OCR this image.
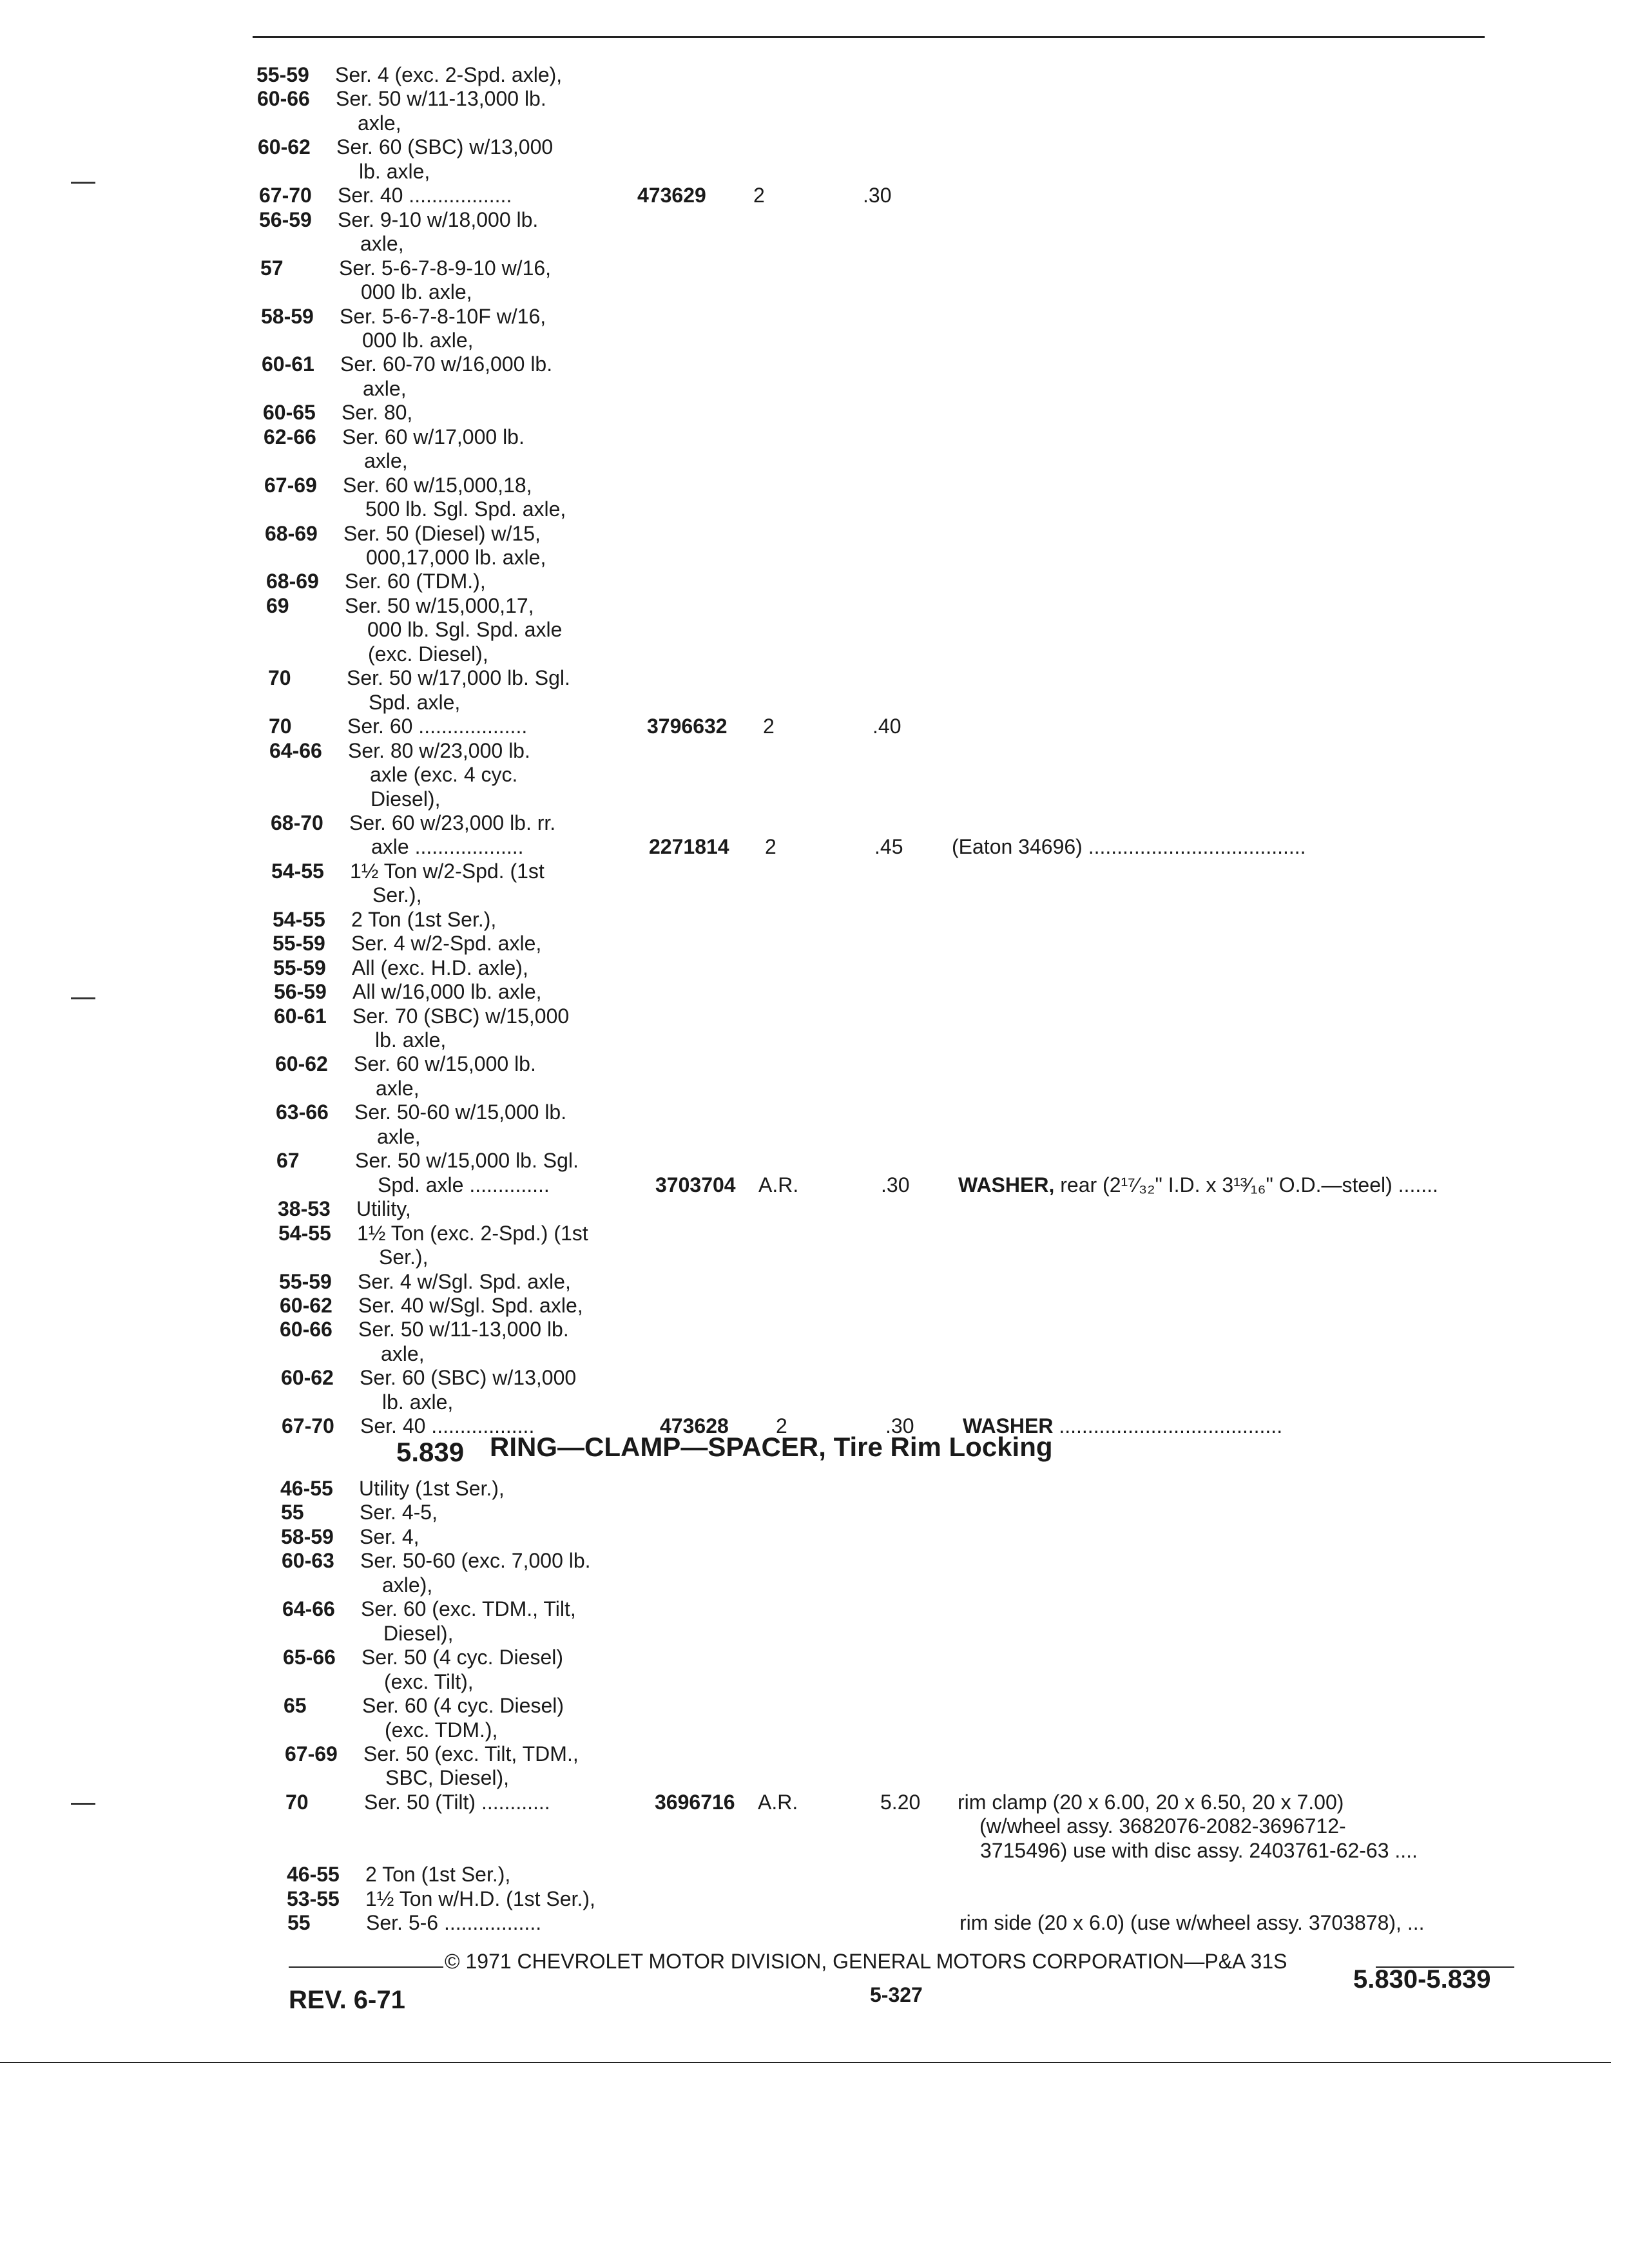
55-59 Ser. 4 (exc. 2-Spd. axle),
60-66 Ser. 50 w/11-13,000 lb.
axle,
60-62 Ser. 60 (SBC) w/13,000
lb. axle,
67-70 Ser. 40 ..................	473629 2	.30
56-59 Ser. 9-10 w/18,000 lb.
axle,
57	Ser. 5-6-7-8-9-10 w/16,
000 lb. axle,
58-59 Ser. 5-6-7-8-10F w/16,
000 lb. axle,
60-61 Ser. 60-70 w/16,000 lb.
axle,
60-65 Ser. 80,
62-66 Ser. 60 w/17,000 lb.
axle,
67-69 Ser. 60 w/15,000,18,
500 lb. Sgl. Spd. axle,
68-69 Ser. 50 (Diesel) w/15,
000,17,000 lb. axle,
68-69 Ser. 60 (TDM.),
69	Ser. 50 w/15,000,17,
000 lb. Sgl. Spd. axle
(exc. Diesel),
70	Ser. 50 w/17,000 lb. Sgl.
Spd. axle,
70	Ser. 60 ...................	3796632 2	.40
64-66 Ser. 80 w/23,000 lb.
axle (exc. 4 cyc.
Diesel),
68-70 Ser. 60 w/23,000 lb. rr.
axle ...................	2271814 2	.45 (Eaton 34696) ......................................
54-55 1½ Ton w/2-Spd. (1st
Ser.),
54-55 2 Ton (1st Ser.),
55-59 Ser. 4 w/2-Spd. axle,
55-59 All (exc. H.D. axle),
56-59 All w/16,000 lb. axle,
60-61 Ser. 70 (SBC) w/15,000
lb. axle,
60-62 Ser. 60 w/15,000 lb.
axle,
63-66 Ser. 50-60 w/15,000 lb.
axle,
67	Ser. 50 w/15,000 lb. Sgl.
Spd. axle ..............	3703704 A.R.	.30 WASHER, rear (2¹⁷⁄₃₂" I.D. x 3¹³⁄₁₆" O.D.—steel) .......
38-53 Utility,
54-55 1½ Ton (exc. 2-Spd.) (1st
Ser.),
55-59 Ser. 4 w/Sgl. Spd. axle,
60-62 Ser. 40 w/Sgl. Spd. axle,
60-66 Ser. 50 w/11-13,000 lb.
axle,
60-62 Ser. 60 (SBC) w/13,000
lb. axle,
67-70 Ser. 40 ..................	473628 2	.30 WASHER .......................................
5.839 RING—CLAMP—SPACER, Tire Rim Locking
46-55 Utility (1st Ser.),
55	Ser. 4-5,
58-59 Ser. 4,
60-63 Ser. 50-60 (exc. 7,000 lb.
axle),
64-66 Ser. 60 (exc. TDM., Tilt,
Diesel),
65-66 Ser. 50 (4 cyc. Diesel)
(exc. Tilt),
65	Ser. 60 (4 cyc. Diesel)
(exc. TDM.),
67-69 Ser. 50 (exc. Tilt, TDM.,
SBC, Diesel),
70	Ser. 50 (Tilt) ............	3696716 A.R.	5.20 rim clamp (20 x 6.00, 20 x 6.50, 20 x 7.00)
(w/wheel assy. 3682076-2082-3696712-
3715496) use with disc assy. 2403761-62-63 ....
46-55 2 Ton (1st Ser.),
53-55 1½ Ton w/H.D. (1st Ser.),
55	Ser. 5-6 .................	rim side (20 x 6.0) (use w/wheel assy. 3703878), ...
© 1971 CHEVROLET MOTOR DIVISION, GENERAL MOTORS CORPORATION—P&A 31S
REV. 6-71	5-327
5.830-5.839
